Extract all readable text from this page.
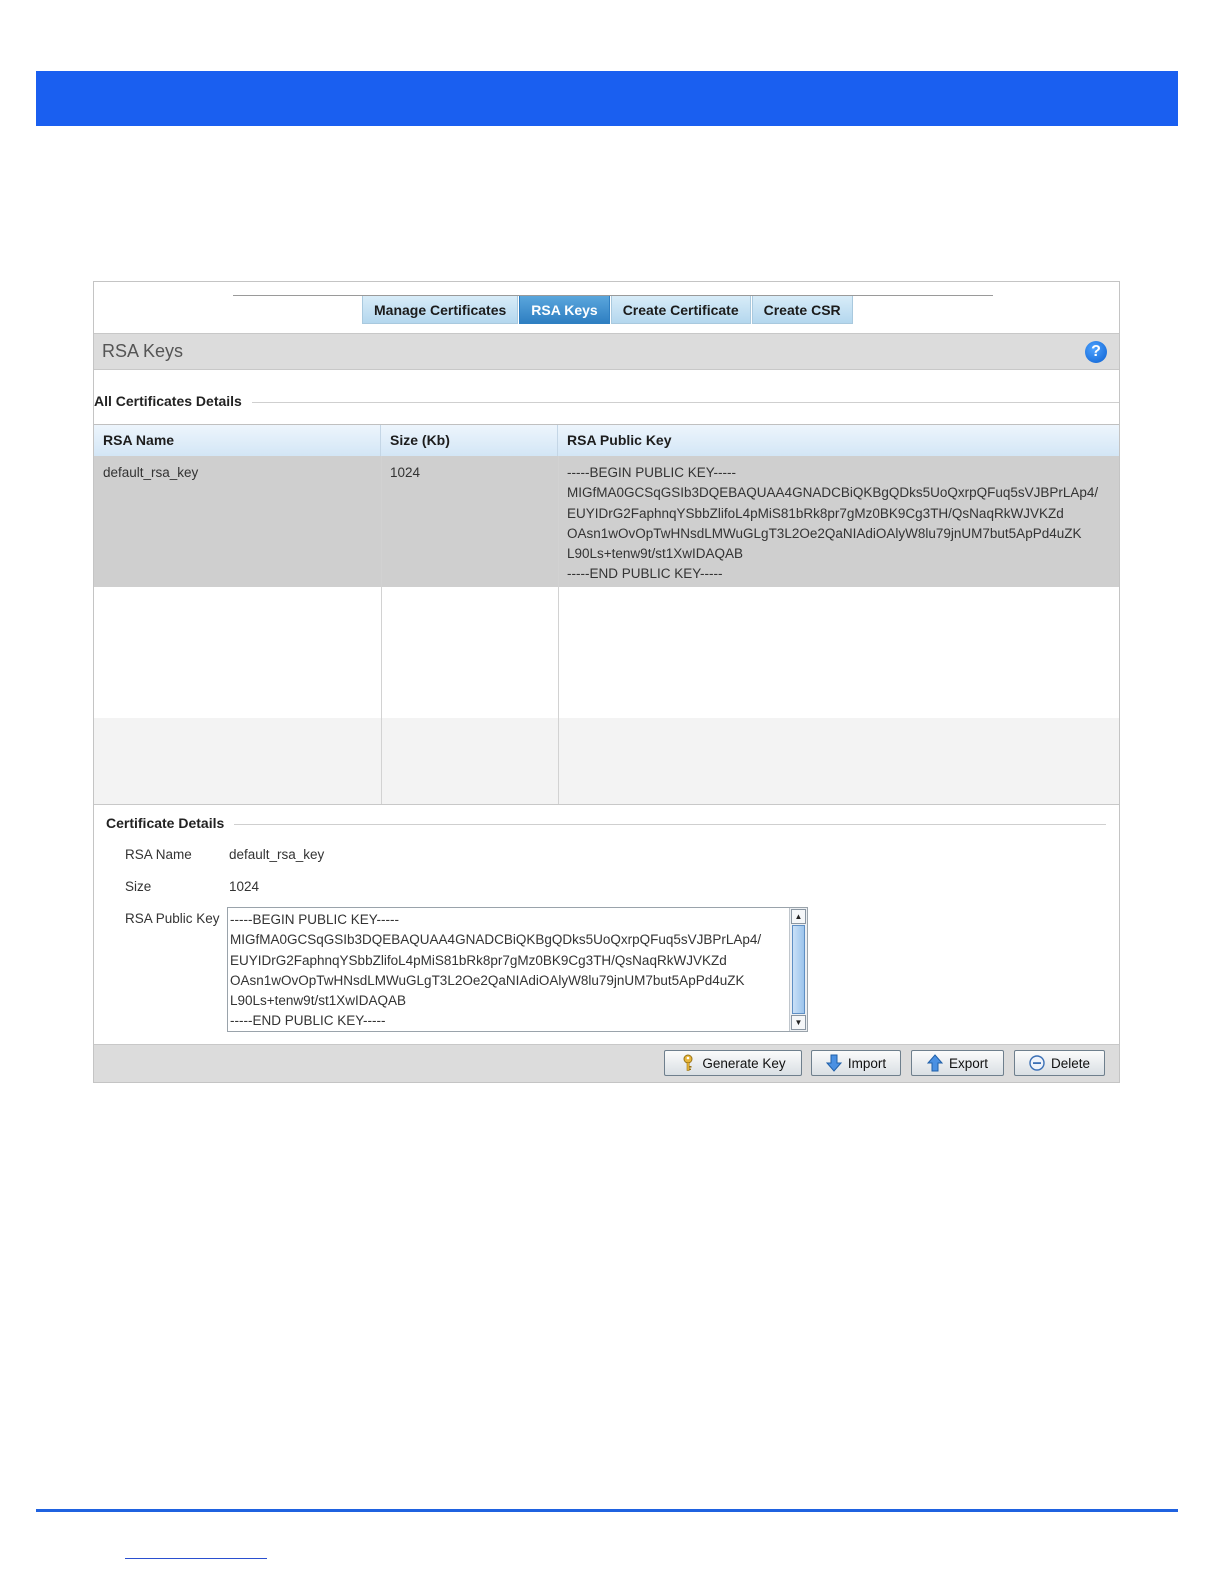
Manage Certificates	RSA Keys	Create Certificate	Create CSR
RSA Keys	?
All Certificates Details
RSA Name	Size (Kb)	RSA Public Key
default_rsa_key	1024	-----BEGIN PUBLIC KEY-----
MIGfMA0GCSqGSIb3DQEBAQUAA4GNADCBiQKBgQDks5UoQxrpQFuq5sVJBPrLAp4/
EUYIDrG2FaphnqYSbbZlifoL4pMiS81bRk8pr7gMz0BK9Cg3TH/QsNaqRkWJVKZd
OAsn1wOvOpTwHNsdLMWuGLgT3L2Oe2QaNIAdiOAlyW8lu79jnUM7but5ApPd4uZK
L90Ls+tenw9t/st1XwIDAQAB
-----END PUBLIC KEY-----
Certificate Details
RSA Name	default_rsa_key
Size	1024
RSA Public Key -----BEGIN PUBLIC KEY-----
MIGfMA0GCSqGSIb3DQEBAQUAA4GNADCBiQKBgQDks5UoQxrpQFuq5sVJBPrLAp4/
EUYIDrG2FaphnqYSbbZlifoL4pMiS81bRk8pr7gMz0BK9Cg3TH/QsNaqRkWJVKZd
OAsn1wOvOpTwHNsdLMWuGLgT3L2Oe2QaNIAdiOAlyW8lu79jnUM7but5ApPd4uZK
L90Ls+tenw9t/st1XwIDAQAB
-----END PUBLIC KEY-----
▲
▼
Generate Key	Import	Export	Delete
